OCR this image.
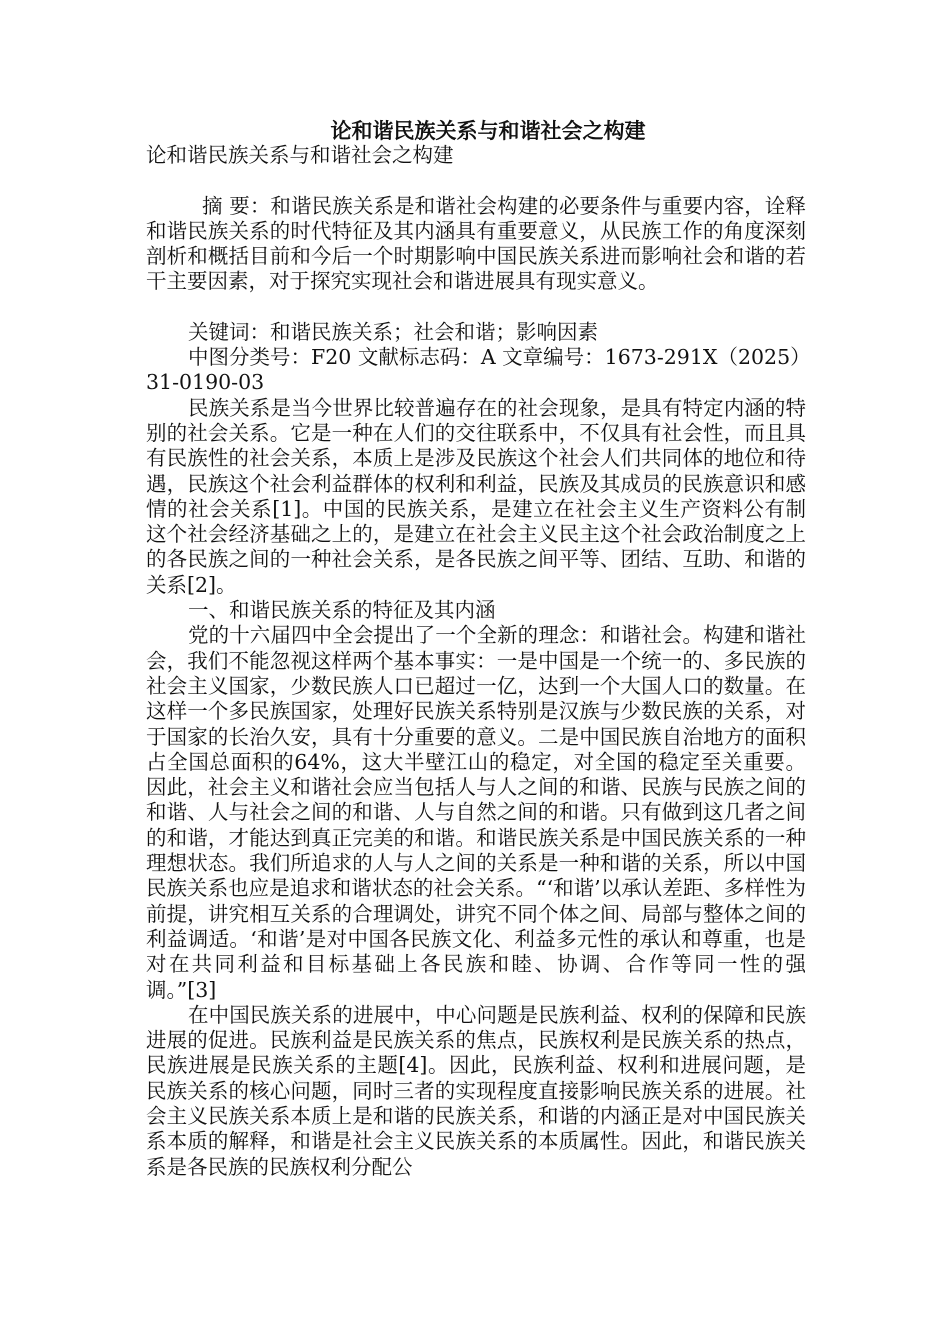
论和谐民族关系与和谐社会之构建

论和谐民族关系与和谐社会之构建

摘 要：和谐民族关系是和谐社会构建的必要条件与重要内容，诠释和谐民族关系的时代特征及其内涵具有重要意义，从民族工作的角度深刻剖析和概括目前和今后一个时期影响中国民族关系进而影响社会和谐的若干主要因素，对于探究实现社会和谐进展具有现实意义。

关键词：和谐民族关系；社会和谐；影响因素

中图分类号：F20 文献标志码：A 文章编号：1673-291X（2025）31-0190-03

民族关系是当今世界比较普遍存在的社会现象，是具有特定内涵的特别的社会关系。它是一种在人们的交往联系中，不仅具有社会性，而且具有民族性的社会关系，本质上是涉及民族这个社会人们共同体的地位和待遇，民族这个社会利益群体的权利和利益，民族及其成员的民族意识和感情的社会关系[1]。中国的民族关系，是建立在社会主义生产资料公有制这个社会经济基础之上的，是建立在社会主义民主这个社会政治制度之上的各民族之间的一种社会关系，是各民族之间平等、团结、互助、和谐的关系[2]。

一、和谐民族关系的特征及其内涵

党的十六届四中全会提出了一个全新的理念：和谐社会。构建和谐社会，我们不能忽视这样两个基本事实：一是中国是一个统一的、多民族的社会主义国家，少数民族人口已超过一亿，达到一个大国人口的数量。在这样一个多民族国家，处理好民族关系特别是汉族与少数民族的关系，对于国家的长治久安，具有十分重要的意义。二是中国民族自治地方的面积占全国总面积的64%，这大半壁江山的稳定，对全国的稳定至关重要。因此，社会主义和谐社会应当包括人与人之间的和谐、民族与民族之间的和谐、人与社会之间的和谐、人与自然之间的和谐。只有做到这几者之间的和谐，才能达到真正完美的和谐。和谐民族关系是中国民族关系的一种理想状态。我们所追求的人与人之间的关系是一种和谐的关系，所以中国民族关系也应是追求和谐状态的社会关系。“‘和谐’以承认差距、多样性为前提，讲究相互关系的合理调处，讲究不同个体之间、局部与整体之间的利益调适。‘和谐’是对中国各民族文化、利益多元性的承认和尊重，也是对在共同利益和目标基础上各民族和睦、协调、合作等同一性的强调。”[3]

在中国民族关系的进展中，中心问题是民族利益、权利的保障和民族进展的促进。民族利益是民族关系的焦点，民族权利是民族关系的热点，民族进展是民族关系的主题[4]。因此，民族利益、权利和进展问题，是民族关系的核心问题，同时三者的实现程度直接影响民族关系的进展。社会主义民族关系本质上是和谐的民族关系，和谐的内涵正是对中国民族关系本质的解释，和谐是社会主义民族关系的本质属性。因此，和谐民族关系是各民族的民族权利分配公
